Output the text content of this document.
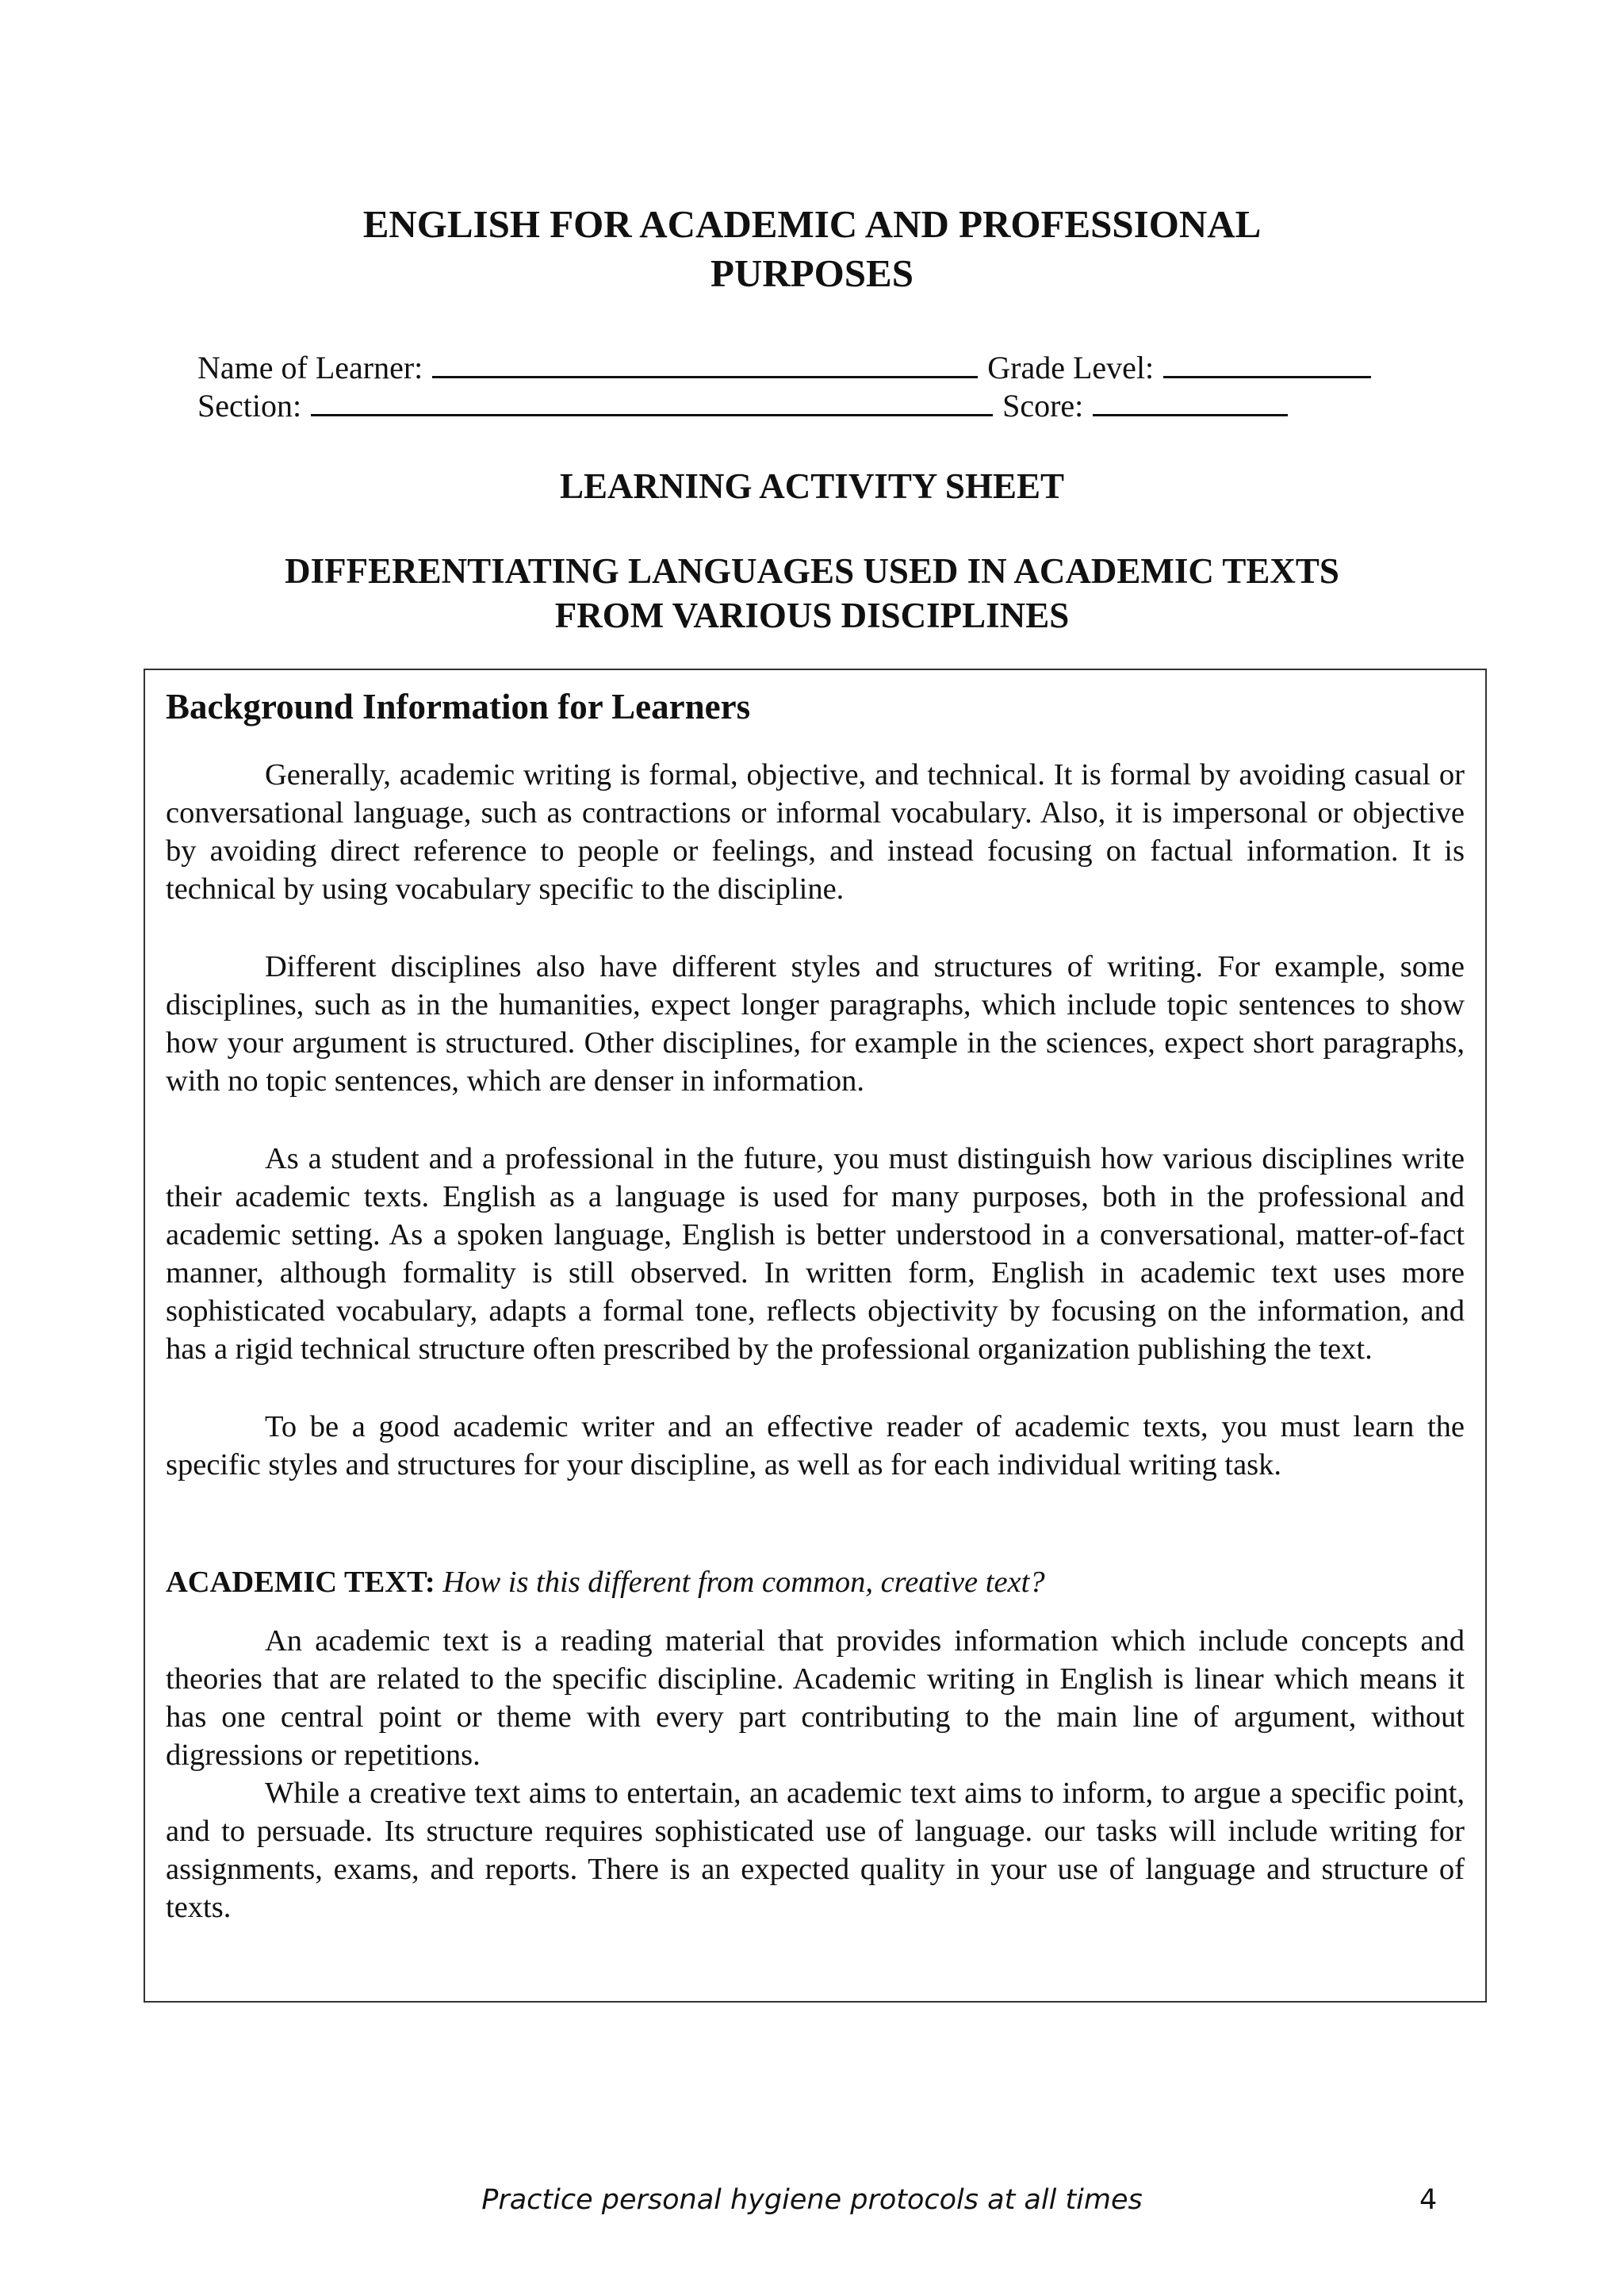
ENGLISH FOR ACADEMIC AND PROFESSIONAL
PURPOSES
Name of Learner:	Grade Level:
Section:	Score:
LEARNING ACTIVITY SHEET
DIFFERENTIATING LANGUAGES USED IN ACADEMIC TEXTS
FROM VARIOUS DISCIPLINES
Background Information for Learners

Generally, academic writing is formal, objective, and technical. It is formal by avoiding casual or conversational language, such as contractions or informal vocabulary. Also, it is impersonal or objective by avoiding direct reference to people or feelings, and instead focusing on factual information. It is technical by using vocabulary specific to the discipline.

Different disciplines also have different styles and structures of writing. For example, some disciplines, such as in the humanities, expect longer paragraphs, which include topic sentences to show how your argument is structured. Other disciplines, for example in the sciences, expect short paragraphs, with no topic sentences, which are denser in information.

As a student and a professional in the future, you must distinguish how various disciplines write their academic texts. English as a language is used for many purposes, both in the professional and academic setting. As a spoken language, English is better understood in a conversational, matter-of-fact manner, although formality is still observed. In written form, English in academic text uses more sophisticated vocabulary, adapts a formal tone, reflects objectivity by focusing on the information, and has a rigid technical structure often prescribed by the professional organization publishing the text.

To be a good academic writer and an effective reader of academic texts, you must learn the specific styles and structures for your discipline, as well as for each individual writing task.

ACADEMIC TEXT: How is this different from common, creative text?

An academic text is a reading material that provides information which include concepts and theories that are related to the specific discipline. Academic writing in English is linear which means it has one central point or theme with every part contributing to the main line of argument, without digressions or repetitions.

While a creative text aims to entertain, an academic text aims to inform, to argue a specific point, and to persuade. Its structure requires sophisticated use of language. our tasks will include writing for assignments, exams, and reports. There is an expected quality in your use of language and structure of texts.

Practice personal hygiene protocols at all times	4
